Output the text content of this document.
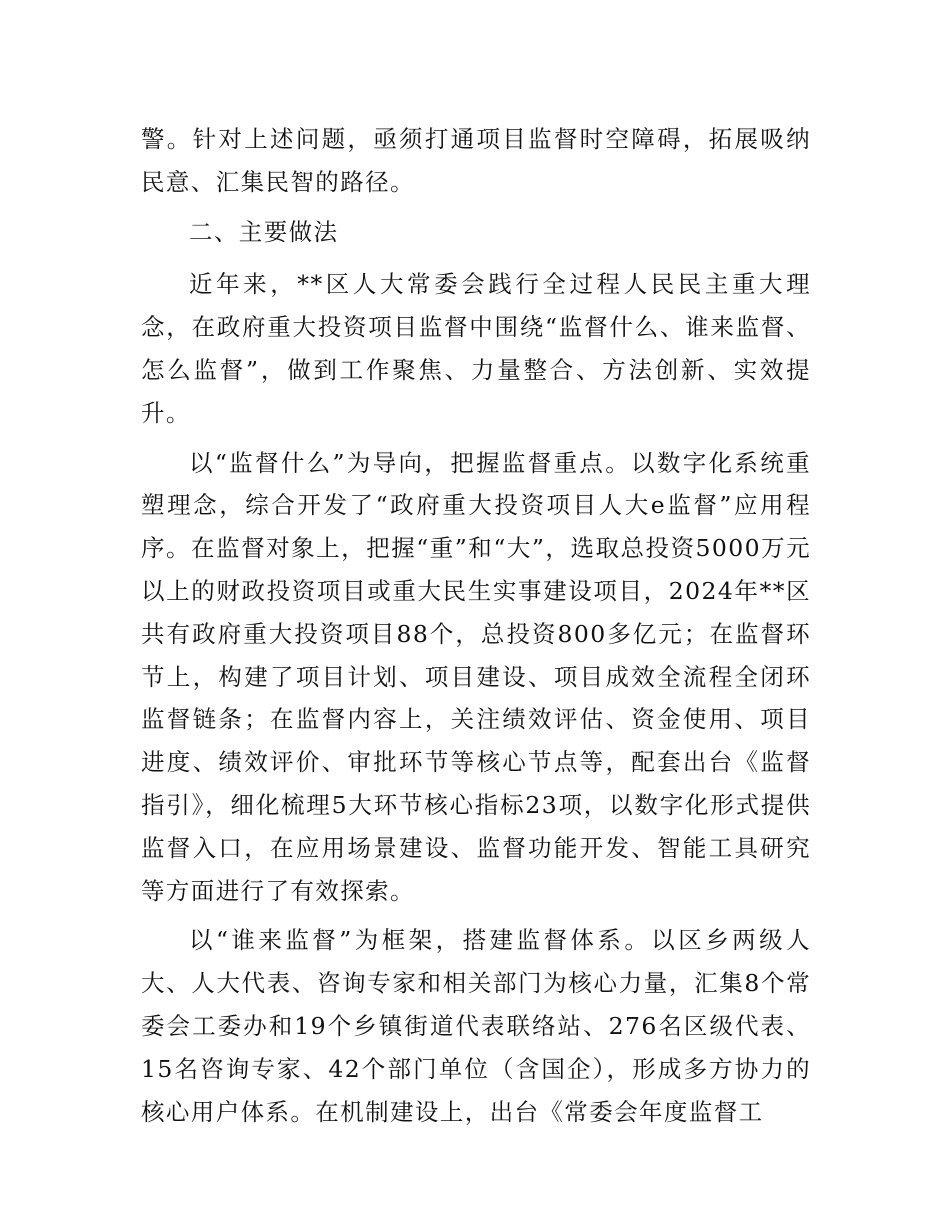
警。针对上述问题，亟须打通项目监督时空障碍，拓展吸纳民意、汇集民智的路径。

二、主要做法

近年来，**区人大常委会践行全过程人民民主重大理念，在政府重大投资项目监督中围绕“监督什么、谁来监督、怎么监督”，做到工作聚焦、力量整合、方法创新、实效提升。

以“监督什么”为导向，把握监督重点。以数字化系统重塑理念，综合开发了“政府重大投资项目人大e监督”应用程序。在监督对象上，把握“重”和“大”，选取总投资5000万元以上的财政投资项目或重大民生实事建设项目，2024年**区共有政府重大投资项目88个，总投资800多亿元；在监督环节上，构建了项目计划、项目建设、项目成效全流程全闭环监督链条；在监督内容上，关注绩效评估、资金使用、项目进度、绩效评价、审批环节等核心节点等，配套出台《监督指引》，细化梳理5大环节核心指标23项，以数字化形式提供监督入口，在应用场景建设、监督功能开发、智能工具研究等方面进行了有效探索。

以“谁来监督”为框架，搭建监督体系。以区乡两级人大、人大代表、咨询专家和相关部门为核心力量，汇集8个常委会工委办和19个乡镇街道代表联络站、276名区级代表、15名咨询专家、42个部门单位（含国企），形成多方协力的核心用户体系。在机制建设上，出台《常委会年度监督工
